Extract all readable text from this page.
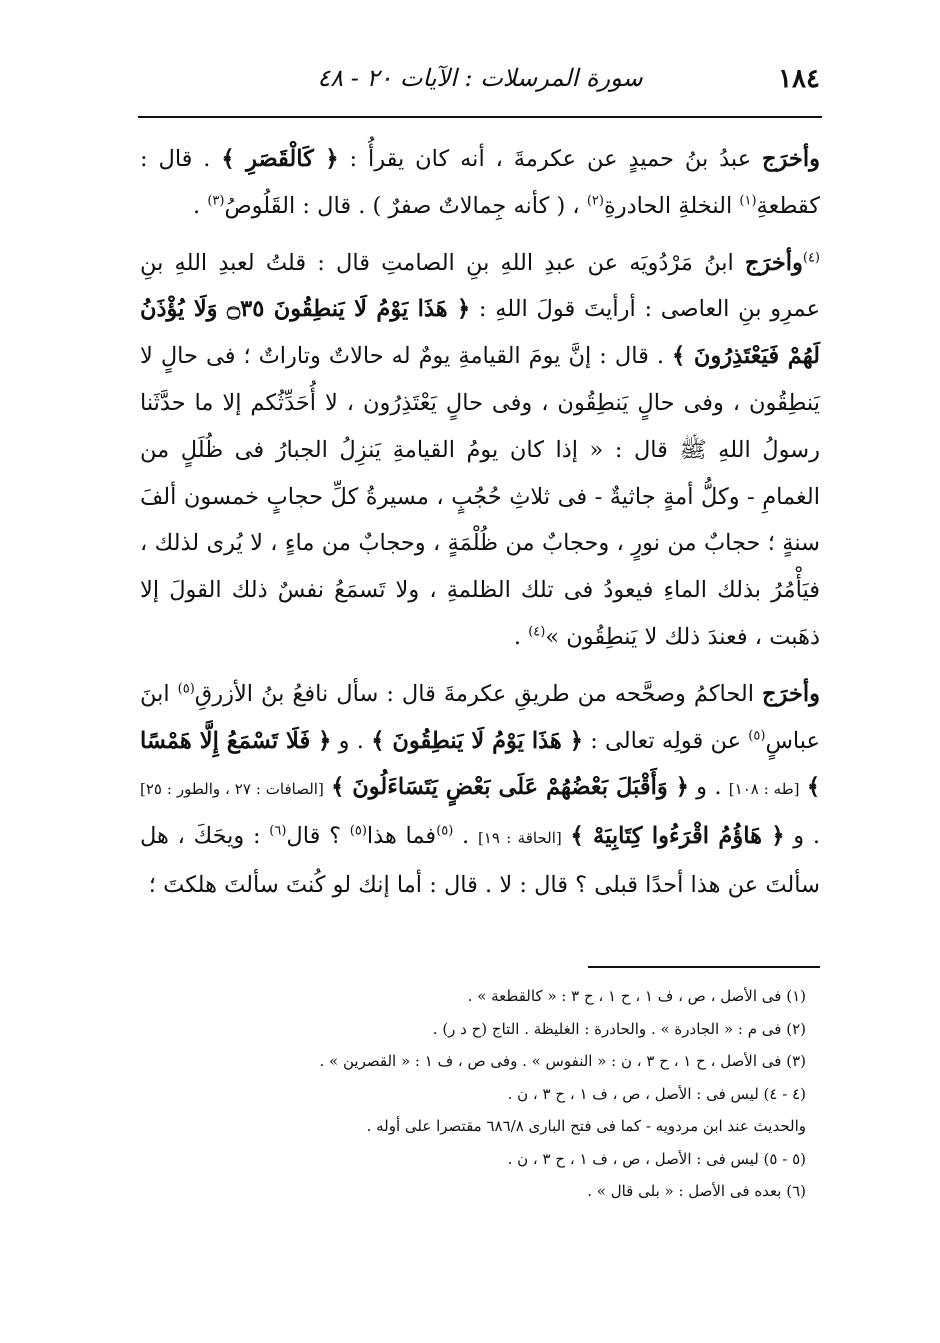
١٨٤
سورة المرسلات : الآيات ٢٠ - ٤٨

وأخرَج عبدُ بنُ حميدٍ عن عكرمةَ ، أنه كان يقرأُ : ﴿ كَالْقَصَرِ ﴾ . قال : كقطعةِ$^{(١)}$ النخلةِ الحادرةِ$^{(٢)}$ ، ( كأنه جِمالاتٌ صفرٌ ) . قال : القَلُوصُ$^{(٣)}$ .

$^{(٤)}$وأخرَج ابنُ مَرْدُويَه عن عبدِ اللهِ بنِ الصامتِ قال : قلتُ لعبدِ اللهِ بنِ عمرِو بنِ العاصى : أرأيتَ قولَ اللهِ : ﴿ هَذَا يَوْمُ لَا يَنطِقُونَ ۝٣٥ وَلَا يُؤْذَنُ لَهُمْ فَيَعْتَذِرُونَ ﴾ . قال : إنَّ يومَ القيامةِ يومٌ له حالاتٌ وتاراتٌ ؛ فى حالٍ لا يَنطِقُون ، وفى حالٍ يَنطِقُون ، وفى حالٍ يَعْتَذِرُون ، لا أُحَدِّثُكم إلا ما حدَّثَنا رسولُ اللهِ ﷺ قال : « إذا كان يومُ القيامةِ يَنزِلُ الجبارُ فى ظُلَلٍ من الغمامِ - وكلُّ أمةٍ جاثيةٌ - فى ثلاثِ حُجُبٍ ، مسيرةُ كلِّ حجابٍ خمسون ألفَ سنةٍ ؛ حجابٌ من نورٍ ، وحجابٌ من ظُلْمَةٍ ، وحجابٌ من ماءٍ ، لا يُرى لذلك ، فيَأْمُرُ بذلك الماءِ فيعودُ فى تلك الظلمةِ ، ولا تَسمَعُ نفسٌ ذلك القولَ إلا ذهَبت ، فعندَ ذلك لا يَنطِقُون »$^{(٤)}$ .

وأخرَج الحاكمُ وصحَّحه من طريقِ عكرمةَ قال : سأل نافعُ بنُ الأزرقِ$^{(٥)}$ ابنَ عباسٍ$^{(٥)}$ عن قولِه تعالى : ﴿ هَذَا يَوْمُ لَا يَنطِقُونَ ﴾ . و ﴿ فَلَا تَسْمَعُ إِلَّا هَمْسًا ﴾ [طه : ١٠٨] . و ﴿ وَأَقْبَلَ بَعْضُهُمْ عَلَى بَعْضٍ يَتَسَاءَلُونَ ﴾ [الصافات : ٢٧ ، والطور : ٢٥] . و ﴿ هَاؤُمُ اقْرَءُوا كِتَابِيَهْ ﴾ [الحاقة : ١٩] . $^{(٥)}$فما هذا$^{(٥)}$ ؟ قال$^{(٦)}$ : ويحَكَ ، هل سألتَ عن هذا أحدًا قبلى ؟ قال : لا . قال : أما إنك لو كُنتَ سألتَ هلكتَ ؛

(١) فى الأصل ، ص ، ف ١ ، ح ١ ، ح ٣ : « كالقطعة » .

(٢) فى م : « الجادرة » . والحادرة : الغليظة . التاج (ح د ر) .

(٣) فى الأصل ، ح ١ ، ح ٣ ، ن : « النفوس » . وفى ص ، ف ١ : « القصرين » .

(٤ - ٤) ليس فى : الأصل ، ص ، ف ١ ، ح ٣ ، ن .

والحديث عند ابن مردويه - كما فى فتح البارى ٦٨٦/٨ مقتصرا على أوله .

(٥ - ٥) ليس فى : الأصل ، ص ، ف ١ ، ح ٣ ، ن .

(٦) بعده فى الأصل : « بلى قال » .
